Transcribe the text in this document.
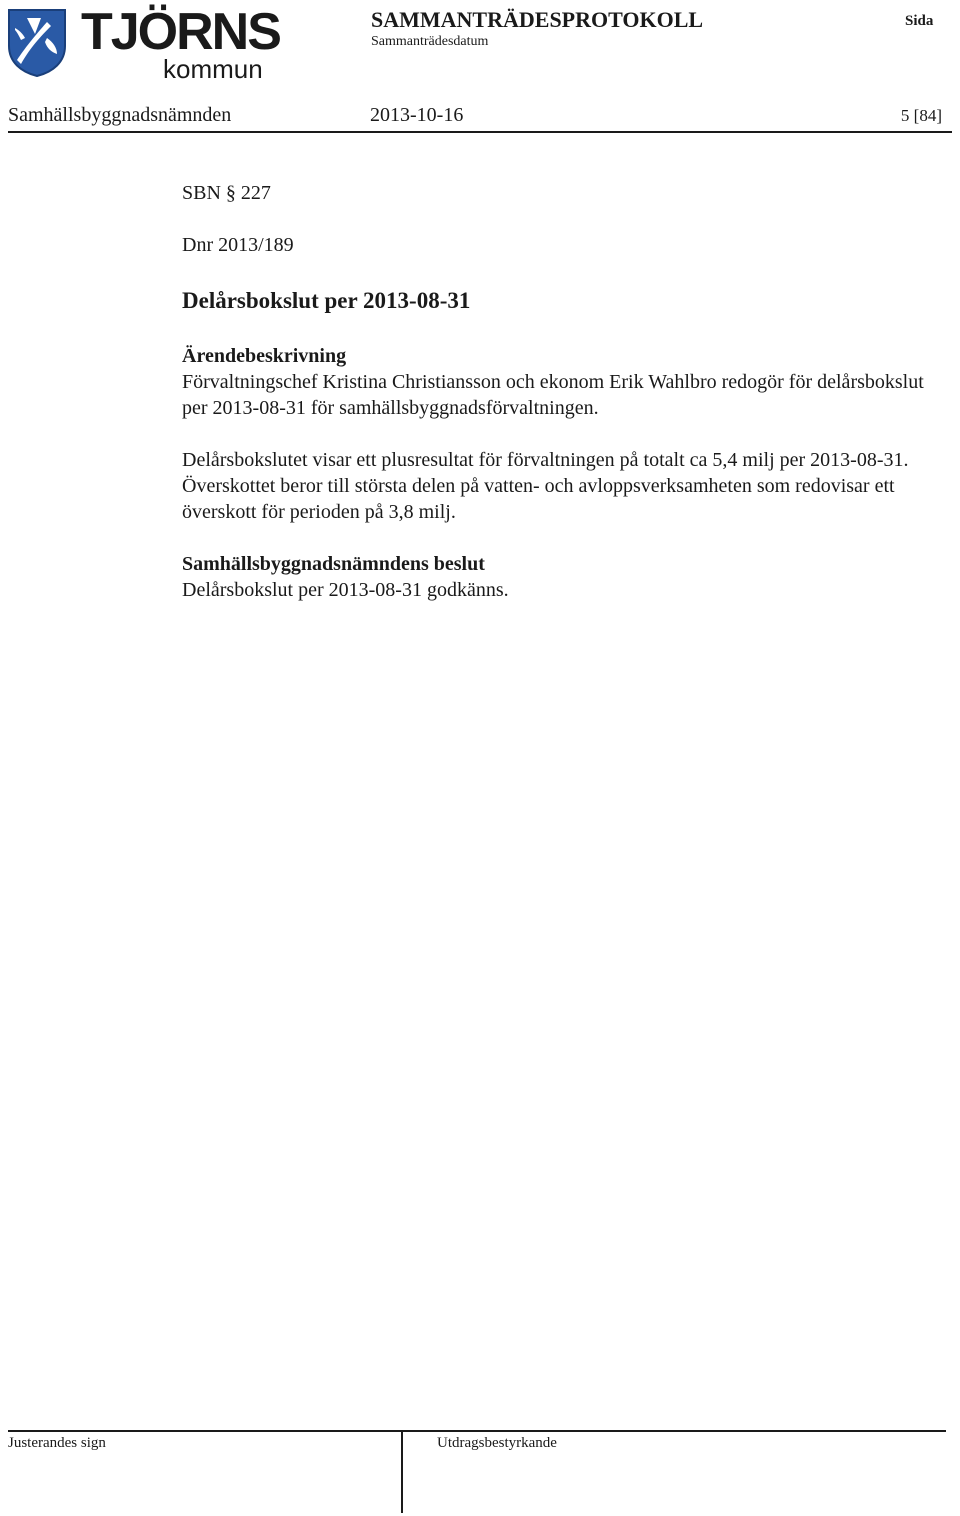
TJÖRNS
kommun
SAMMANTRÄDESPROTOKOLL
Sammanträdesdatum
Sida
Samhällsbyggnadsnämnden	2013-10-16	5 [84]
SBN § 227
Dnr 2013/189
Delårsbokslut per 2013-08-31
Ärendebeskrivning

Förvaltningschef Kristina Christiansson och ekonom Erik Wahlbro redogör för delårsbokslut per 2013-08-31 för samhällsbyggnadsförvaltningen.

Delårsbokslutet visar ett plusresultat för förvaltningen på totalt ca 5,4 milj per 2013-08-31. Överskottet beror till största delen på vatten- och avloppsverksamheten som redovisar ett överskott för perioden på 3,8 milj.

Samhällsbyggnadsnämndens beslut

Delårsbokslut per 2013-08-31 godkänns.

Justerandes sign	Utdragsbestyrkande
